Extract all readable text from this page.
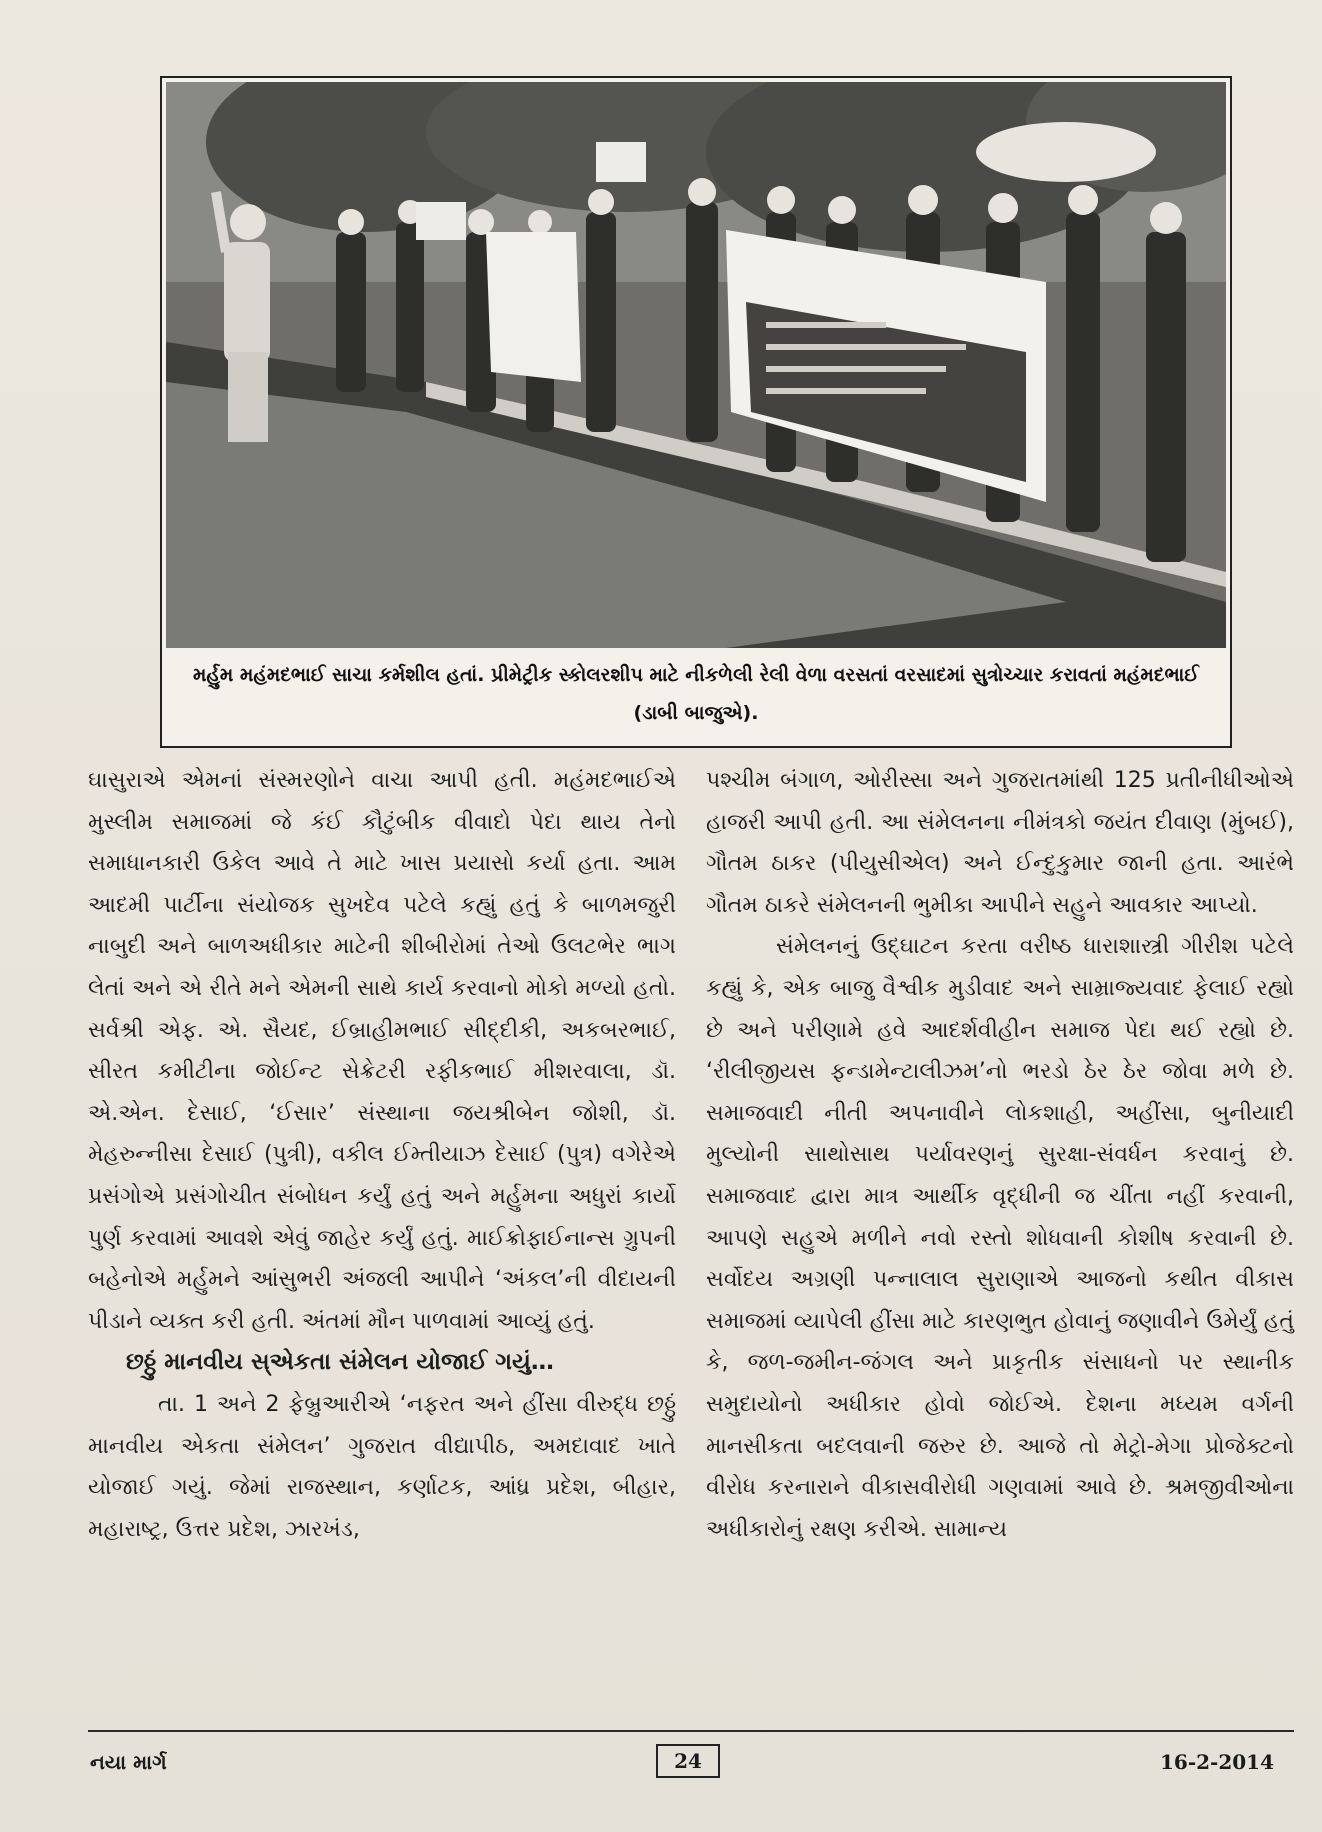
મર્હુમ મહંમદભાઈ સાચા કર્મશીલ હતાં. પ્રીમેટ્રીક સ્કોલરશીપ માટે નીકળેલી રેલી વેળા વરસતાં વરસાદમાં સુત્રોચ્ચાર કરાવતાં મહંમદભાઈ (ડાબી બાજુએ).

ઘાસુરાએ એમનાં સંસ્મરણોને વાચા આપી હતી. મહંમદભાઈએ મુસ્લીમ સમાજમાં જે કંઈ કૌટુંબીક વીવાદો પેદા થાય તેનો સમાધાનકારી ઉકેલ આવે તે માટે ખાસ પ્રયાસો કર્યા હતા. આમ આદમી પાર્ટીના સંયોજક સુખદેવ પટેલે કહ્યું હતું કે બાળમજુરી નાબુદી અને બાળઅધીકાર માટેની શીબીરોમાં તેઓ ઉલટભેર ભાગ લેતાં અને એ રીતે મને એમની સાથે કાર્ય કરવાનો મોકો મળ્યો હતો. સર્વશ્રી એફ. એ. સૈયદ, ઈબ્રાહીમભાઈ સીદ્દીકી, અકબરભાઈ, સીરત કમીટીના જોઈન્ટ સેક્રેટરી રફીકભાઈ મીશરવાલા, ડૉ. એ.એન. દેસાઈ, ‘ઈસાર’ સંસ્થાના જયશ્રીબેન જોશી, ડૉ. મેહરુન્નીસા દેસાઈ (પુત્રી), વકીલ ઈમ્તીયાઝ દેસાઈ (પુત્ર) વગેરેએ પ્રસંગોએ પ્રસંગોચીત સંબોધન કર્યું હતું અને મર્હુમના અધુરાં કાર્યો પુર્ણ કરવામાં આવશે એવું જાહેર કર્યું હતું. માઈક્રોફાઈનાન્સ ગ્રુપની બહેનોએ મર્હુમને આંસુભરી અંજલી આપીને ‘અંકલ’ની વીદાયની પીડાને વ્યક્ત કરી હતી. અંતમાં મૌન પાળવામાં આવ્યું હતું.

છઠ્ઠું માનવીય સ્એકતા સંમેલન યોજાઈ ગયું…

તા. 1 અને 2 ફેબ્રુઆરીએ ‘નફરત અને હીંસા વીરુદ્ધ છઠ્ઠું માનવીય એકતા સંમેલન’ ગુજરાત વીદ્યાપીઠ, અમદાવાદ ખાતે યોજાઈ ગયું. જેમાં રાજસ્થાન, કર્ણાટક, આંધ્ર પ્રદેશ, બીહાર, મહારાષ્ટ્ર, ઉત્તર પ્રદેશ, ઝારખંડ,

પશ્ચીમ બંગાળ, ઓરીસ્સા અને ગુજરાતમાંથી 125 પ્રતીનીધીઓએ હાજરી આપી હતી. આ સંમેલનના નીમંત્રકો જયંત દીવાણ (મુંબઈ), ગૌતમ ઠાકર (પીયુસીએલ) અને ઈન્દુકુમાર જાની હતા. આરંભે ગૌતમ ઠાકરે સંમેલનની ભુમીકા આપીને સહુને આવકાર આપ્યો.

સંમેલનનું ઉદ્‌ઘાટન કરતા વરીષ્ઠ ધારાશાસ્ત્રી ગીરીશ પટેલે કહ્યું કે, એક બાજુ વૈશ્વીક મુડીવાદ અને સામ્રાજ્યવાદ ફેલાઈ રહ્યો છે અને પરીણામે હવે આદર્શવીહીન સમાજ પેદા થઈ રહ્યો છે. ‘રીલીજીયસ ફન્ડામેન્ટાલીઝમ’નો ભરડો ઠેર ઠેર જોવા મળે છે. સમાજવાદી નીતી અપનાવીને લોકશાહી, અહીંસા, બુનીયાદી મુલ્યોની સાથોસાથ પર્યાવરણનું સુરક્ષા-સંવર્ધન કરવાનું છે. સમાજવાદ દ્વારા માત્ર આર્થીક વૃદ્ધીની જ ચીંતા નહીં કરવાની, આપણે સહુએ મળીને નવો રસ્તો શોધવાની કોશીષ કરવાની છે. સર્વોદય અગ્રણી પન્નાલાલ સુરાણાએ આજનો કથીત વીકાસ સમાજમાં વ્યાપેલી હીંસા માટે કારણભુત હોવાનું જણાવીને ઉમેર્યું હતું કે, જળ-જમીન-જંગલ અને પ્રાકૃતીક સંસાધનો પર સ્થાનીક સમુદાયોનો અધીકાર હોવો જોઈએ. દેશના મધ્યમ વર્ગની માનસીકતા બદલવાની જરુર છે. આજે તો મેટ્રો-મેગા પ્રોજેક્ટનો વીરોધ કરનારાને વીકાસવીરોધી ગણવામાં આવે છે. શ્રમજીવીઓના અધીકારોનું રક્ષણ કરીએ. સામાન્ય

નયા માર્ગ	24	16-2-2014
